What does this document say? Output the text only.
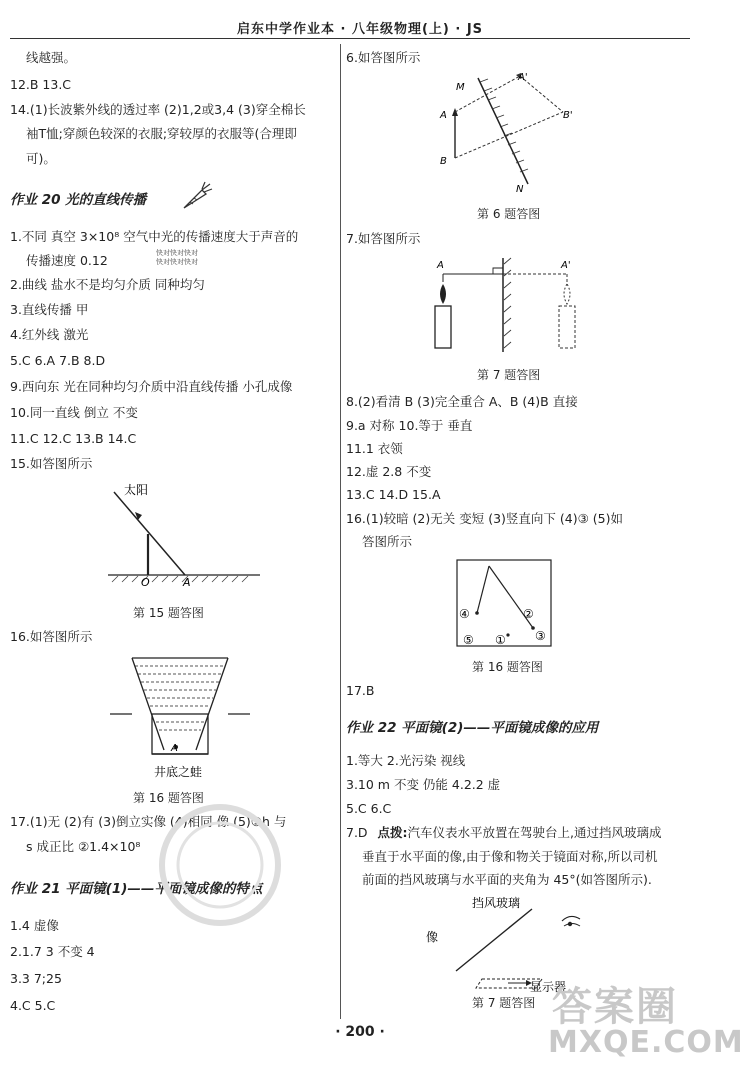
启东中学作业本 · 八年级物理(上) · JS
线越强。
12.B 13.C
14.(1)长波紫外线的透过率 (2)1,2或3,4 (3)穿全棉长
袖T恤;穿颜色较深的衣服;穿较厚的衣服等(合理即
可)。
作业 20 光的直线传播
1.不同 真空 3×10⁸ 空气中光的传播速度大于声音的
传播速度 0.12	快对快对快对
快对快对快对
2.曲线 盐水不是均匀介质 同种均匀
3.直线传播 甲
4.红外线 激光
5.C 6.A 7.B 8.D
9.西向东 光在同种均匀介质中沿直线传播 小孔成像
10.同一直线 倒立 不变
11.C 12.C 13.B 14.C
15.如答图所示
太阳
O	A
第 15 题答图
16.如答图所示
A
井底之蛙
第 16 题答图
17.(1)无 (2)有 (3)倒立实像 (4)相同 像 (5)①h 与
s 成正比 ②1.4×10⁸
作业 21 平面镜(1)——平面镜成像的特点
1.4 虚像
2.1.7 3 不变 4
3.3 7;25
4.C 5.C
6.如答图所示
M
N
A
B
A'
B'
第 6 题答图
7.如答图所示
A	A'
第 7 题答图
8.(2)看清 B (3)完全重合 A、B (4)B 直接
9.a 对称 10.等于 垂直
11.1 衣领
12.虚 2.8 不变
13.C 14.D 15.A
16.(1)较暗 (2)无关 变短 (3)竖直向下 (4)③ (5)如
答图所示
①
②
③
④
⑤
第 16 题答图
17.B
作业 22 平面镜(2)——平面镜成像的应用
1.等大 2.光污染 视线
3.10 m 不变 仍能 4.2.2 虚
5.C 6.C
7.D 点拨:汽车仪表水平放置在驾驶台上,通过挡风玻璃成
垂直于水平面的像,由于像和物关于镜面对称,所以司机
前面的挡风玻璃与水平面的夹角为 45°(如答图所示).
挡风玻璃
像
显示器
第 7 题答图 答案圈
MXQE.COM
· 200 ·
